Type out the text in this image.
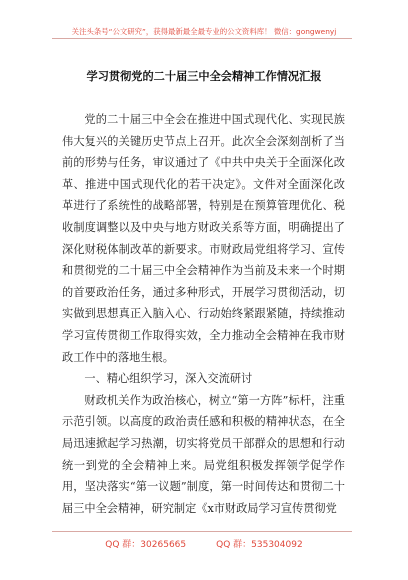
关注头条号“公文研究”，获得最新最全最专业的公文资料库！ 微信：gongwenyj
学习贯彻党的二十届三中全会精神工作情况汇报

党的二十届三中全会在推进中国式现代化、实现民族伟大复兴的关键历史节点上召开。此次全会深刻剖析了当前的形势与任务，审议通过了《中共中央关于全面深化改革、推进中国式现代化的若干决定》。文件对全面深化改革进行了系统性的战略部署，特别是在预算管理优化、税收制度调整以及中央与地方财政关系等方面，明确提出了深化财税体制改革的新要求。市财政局党组将学习、宣传和贯彻党的二十届三中全会精神作为当前及未来一个时期的首要政治任务，通过多种形式，开展学习贯彻活动，切实做到思想真正入脑入心、行动始终紧跟紧随，持续推动学习宣传贯彻工作取得实效，全力推动全会精神在我市财政工作中的落地生根。

一、精心组织学习，深入交流研讨

财政机关作为政治核心，树立“第一方阵”标杆，注重示范引领。以高度的政治责任感和积极的精神状态，在全局迅速掀起学习热潮，切实将党员干部群众的思想和行动统一到党的全会精神上来。局党组积极发挥领学促学作用，坚决落实“第一议题”制度，第一时间传达和贯彻二十届三中全会精神，研究制定《x市财政局学习宣传贯彻党

QQ 群：30265665	QQ 群：535304092
